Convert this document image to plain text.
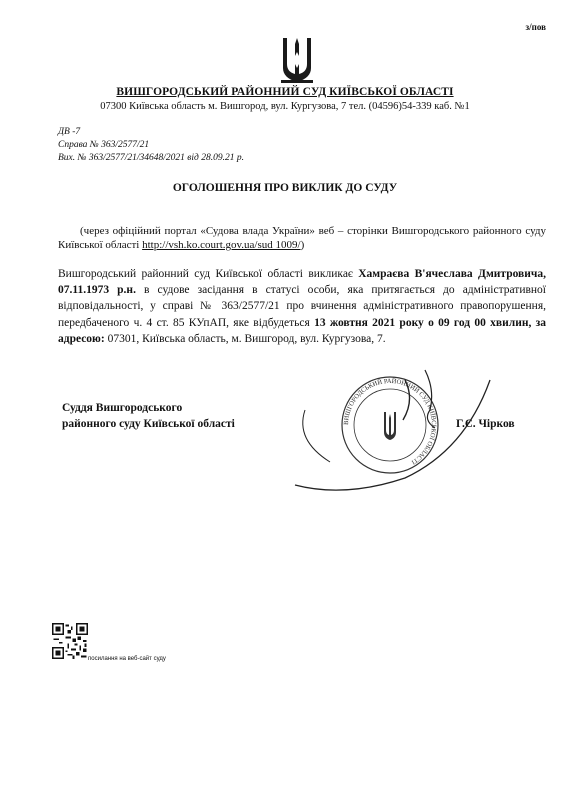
з/пов
ВИШГОРОДСЬКИЙ РАЙОННИЙ СУД КИЇВСЬКОЇ ОБЛАСТІ
07300 Київська область м. Вишгород, вул. Кургузова, 7 тел. (04596)54-339 каб. №1
ДВ -7
Справа № 363/2577/21
Вих. № 363/2577/21/34648/2021 від 28.09.21 р.
ОГОЛОШЕННЯ ПРО ВИКЛИК ДО СУДУ
(через офіційний портал «Судова влада України» веб – сторінки Вишгородського районного суду Київської області http://vsh.ko.court.gov.ua/sud 1009/)
Вишгородський районний суд Київської області викликає Хамраєва В'ячеслава Дмитровича, 07.11.1973 р.н. в судове засідання в статусі особи, яка притягається до адміністративної відповідальності, у справі № 363/2577/21 про вчинення адміністративного правопорушення, передбаченого ч. 4 ст. 85 КУпАП, яке відбудеться 13 жовтня 2021 року о 09 год 00 хвилин, за адресою: 07301, Київська область, м. Вишгород, вул. Кургузова, 7.
ВИШГОРОДСЬКИЙ РАЙОННИЙ СУД КИЇВСЬКОЇ ОБЛАСТІ
Суддя Вишгородського
районного суду Київської області	Г.Є. Чірков
посилання на веб-сайт суду
